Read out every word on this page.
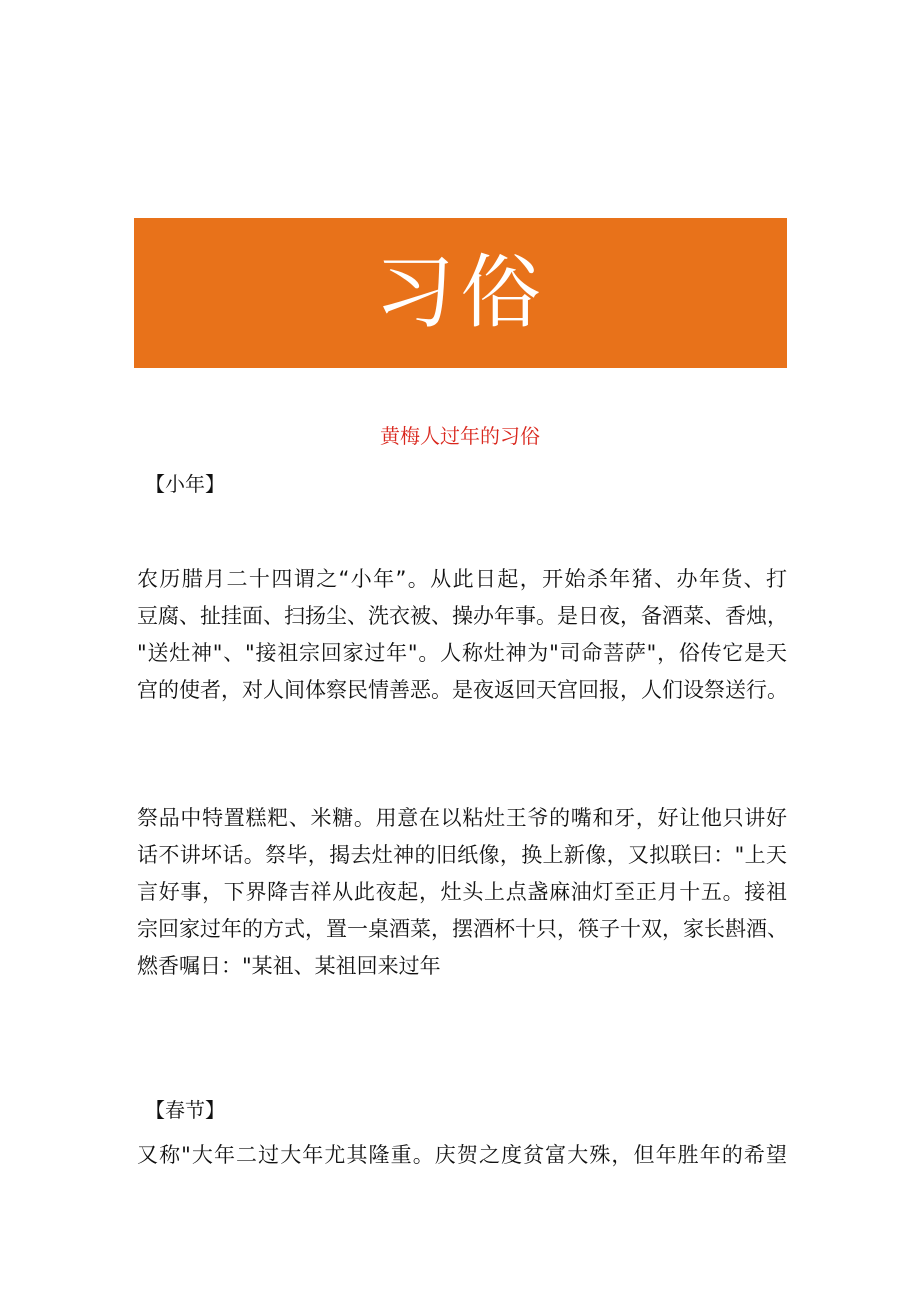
习俗
黄梅人过年的习俗
【小年】

农历腊月二十四谓之“小年”。从此日起，开始杀年猪、办年货、打
豆腐、扯挂面、扫扬尘、洗衣被、操办年事。是日夜，备酒菜、香烛，
"送灶神"、"接祖宗回家过年"。人称灶神为"司命菩萨"，俗传它是天
宫的使者，对人间体察民情善恶。是夜返回天宫回报，人们设祭送行。

祭品中特置糕粑、米糖。用意在以粘灶王爷的嘴和牙，好让他只讲好
话不讲坏话。祭毕，揭去灶神的旧纸像，换上新像，又拟联曰："上天
言好事，下界降吉祥从此夜起，灶头上点盏麻油灯至正月十五。接祖
宗回家过年的方式，置一桌酒菜，摆酒杯十只，筷子十双，家长斟酒、
燃香嘱日："某祖、某祖回来过年

【春节】

又称"大年二过大年尤其隆重。庆贺之度贫富大殊，但年胜年的希望
